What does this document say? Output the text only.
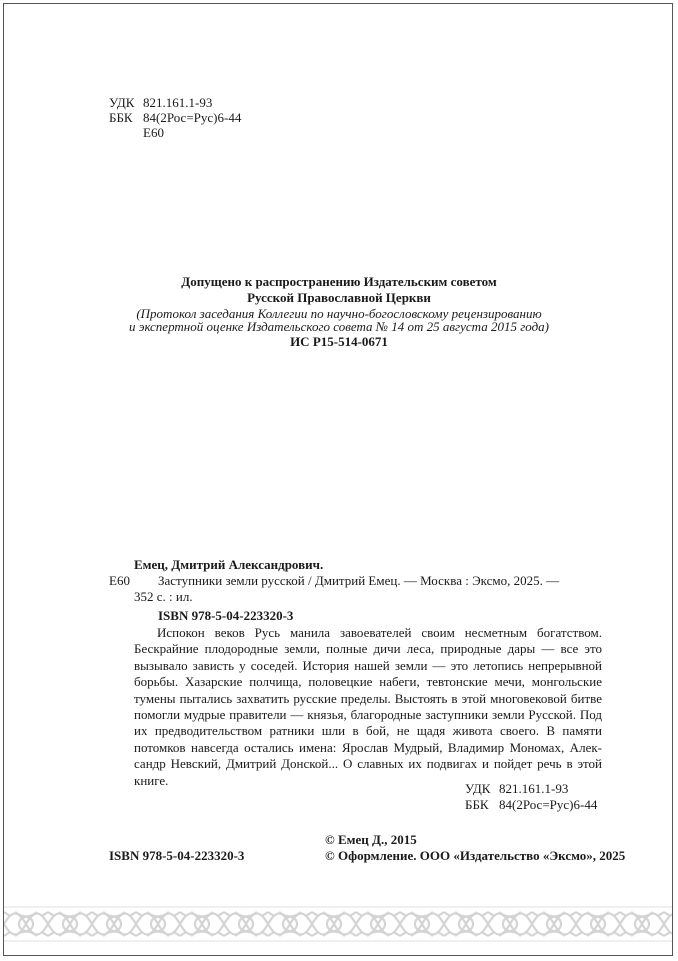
УДК 821.161.1-93
ББК 84(2Рос=Рус)6-44
Е60
Допущено к распространению Издательским советом
Русской Православной Церкви
(Протокол заседания Коллегии по научно-богословскому рецензированию
и экспертной оценке Издательского совета № 14 от 25 августа 2015 года)
ИС Р15-514-0671
Емец, Дмитрий Александрович.
Е60 Заступники земли русской / Дмитрий Емец. — Москва : Эксмо, 2025. —
352 с. : ил.
ISBN 978-5-04-223320-3

Испокон веков Русь манила завоевателей своим несметным богатством. Бескрайние плодородные земли, полные дичи леса, природные дары — все это вызывало зависть у соседей. История нашей земли — это летопись непрерывной борьбы. Хазарские полчища, половецкие набеги, тевтонские мечи, монгольские тумены пытались захватить русские пределы. Выстоять в этой многовековой битве помогли мудрые правители — князья, благородные заступники земли Русской. Под их предводительством ратники шли в бой, не щадя живота своего. В памяти потомков навсегда остались имена: Ярослав Мудрый, Владимир Мономах, Александр Невский, Дмитрий Донской... О славных их подвигах и пойдет речь в этой книге.

УДК 821.161.1-93
ББК 84(2Рос=Рус)6-44
© Емец Д., 2015
ISBN 978-5-04-223320-3	© Оформление. ООО «Издательство «Эксмо», 2025
